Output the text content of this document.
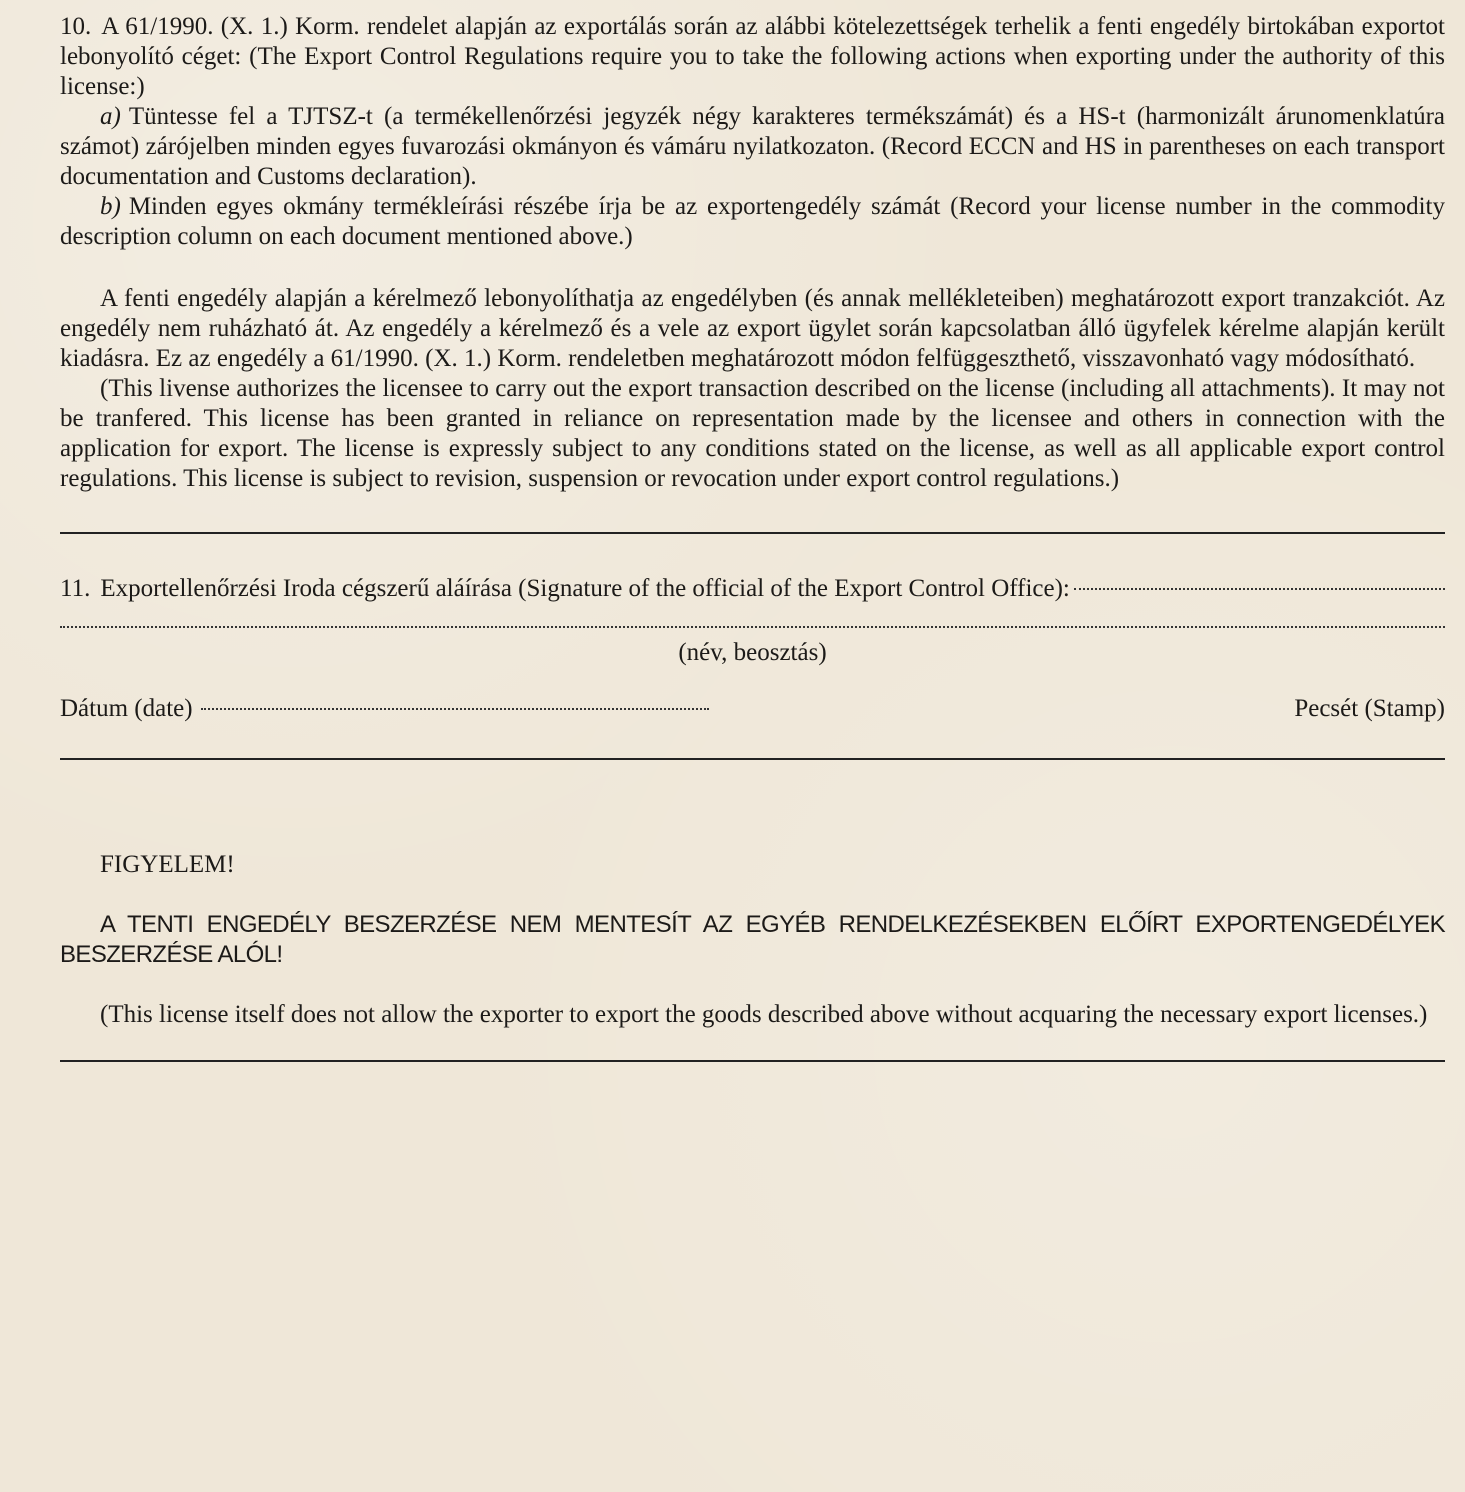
10. A 61/1990. (X. 1.) Korm. rendelet alapján az exportálás során az alábbi kötelezettségek terhelik a fenti engedély birtokában exportot lebonyolító céget: (The Export Control Regulations require you to take the following actions when exporting under the authority of this license:)

a) Tüntesse fel a TJTSZ-t (a termékellenőrzési jegyzék négy karakteres termékszámát) és a HS-t (harmonizált árunomenklatúra számot) zárójelben minden egyes fuvarozási okmányon és vámáru nyilatkozaton. (Record ECCN and HS in parentheses on each transport documentation and Customs declaration).

b) Minden egyes okmány termékleírási részébe írja be az exportengedély számát (Record your license number in the commodity description column on each document mentioned above.)

A fenti engedély alapján a kérelmező lebonyolíthatja az engedélyben (és annak mellékleteiben) meghatározott export tranzakciót. Az engedély nem ruházható át. Az engedély a kérelmező és a vele az export ügylet során kapcsolatban álló ügyfelek kérelme alapján került kiadásra. Ez az engedély a 61/1990. (X. 1.) Korm. rendeletben meghatározott módon felfüggeszthető, visszavonható vagy módosítható.

(This livense authorizes the licensee to carry out the export transaction described on the license (including all attachments). It may not be tranfered. This license has been granted in reliance on representation made by the licensee and others in connection with the application for export. The license is expressly subject to any conditions stated on the license, as well as all applicable export control regulations. This license is subject to revision, suspension or revocation under export control regulations.)

11. Exportellenőrzési Iroda cégszerű aláírása (Signature of the official of the Export Control Office):

(név, beosztás)

Dátum (date)	Pecsét (Stamp)

FIGYELEM!

A TENTI ENGEDÉLY BESZERZÉSE NEM MENTESÍT AZ EGYÉB RENDELKEZÉSEKBEN ELŐÍRT EXPORTENGEDÉLYEK BESZERZÉSE ALÓL!

(This license itself does not allow the exporter to export the goods described above without acquaring the necessary export licenses.)
